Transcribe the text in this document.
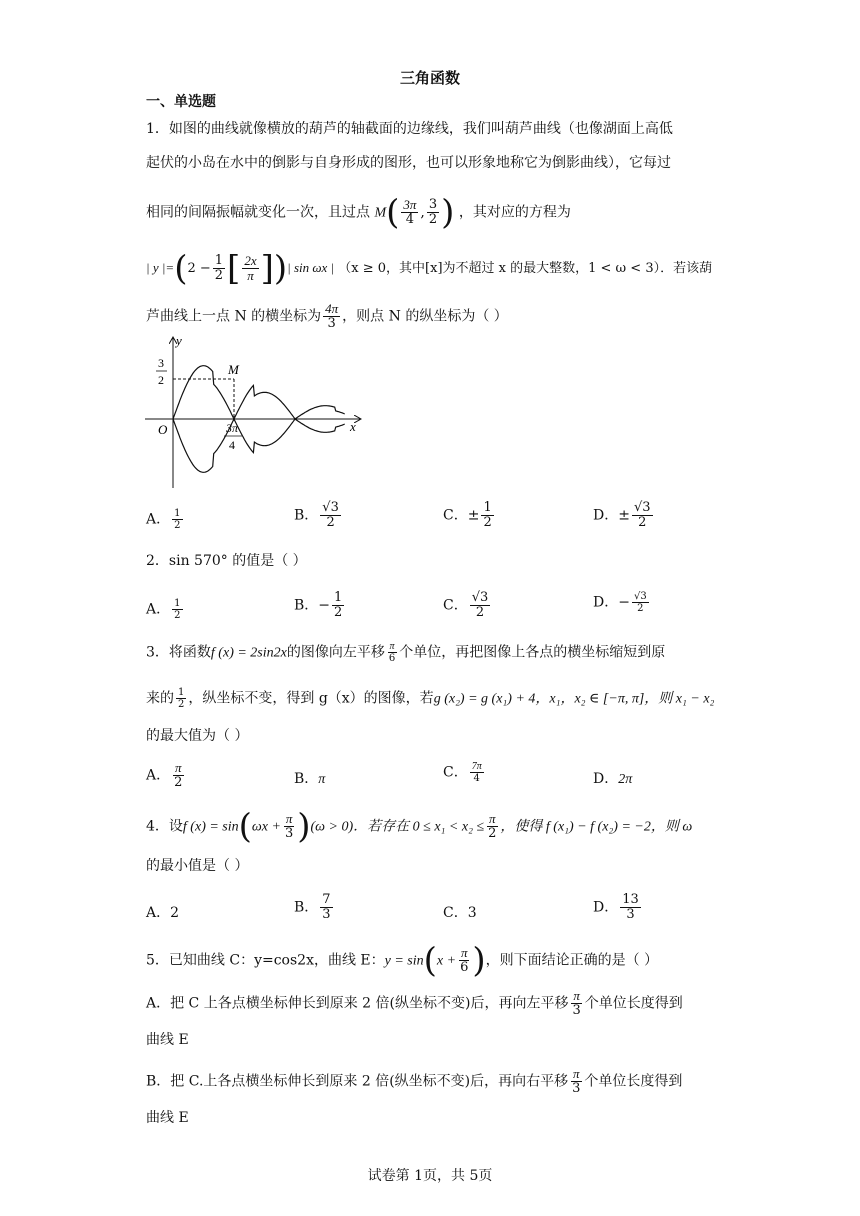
三角函数
一、单选题
1．如图的曲线就像横放的葫芦的轴截面的边缘线，我们叫葫芦曲线（也像湖面上高低
起伏的小岛在水中的倒影与自身形成的图形，也可以形象地称它为倒影曲线），它每过
相同的间隔振幅就变化一次，且过点 $M( \frac{3\pi}{4}$ , $\frac{3}{2}$ ) ，其对应的方程为
| y $|=(2 - \frac{1}{2}$ [ $\frac{2x}{\pi}$ ])| sin ωx | （x ≥ 0，其中[x]为不超过 x 的最大整数，1 < ω < 3）．若该葫
芦曲线上一点 N 的横坐标为 $\frac{4\pi}{3}$ ，则点 N 的纵坐标为（ ）
y
x
O
M
3
2
3π
4
A． $\frac{1}{2}$	B． $\frac{√3}{2}$	C．± $\frac{1}{2}$	D．± $\frac{√3}{2}$
2．sin 570° 的值是（ ）
A． $\frac{1}{2}$	B．− $\frac{1}{2}$	C． $\frac{√3}{2}$	D．− $\frac{√3}{2}$
3．将函数f (x) = 2sin2x的图像向左平移 $\frac{\pi}{6}$ 个单位，再把图像上各点的横坐标缩短到原
来的 $\frac{1}{2}$ ，纵坐标不变，得到 g（x）的图像，若g (x₂) = g (x₁) + 4，x₁，x₂ ∈ [−π, π]，则 x₁ − x₂
的最大值为（ ）
A． $\frac{\pi}{2}$	B．π	C． $\frac{7\pi}{4}$	D．2π
4．设f $(x) = \sin(\omega x + \frac{\pi}{3} )(\omega > 0)$．若存在 $0 \le x_1 < x_2 \le \frac{\pi}{2}$ ，使得 f (x₁) − f (x₂) = −2，则 ω
的最小值是（ ）
A．2	B． $\frac{7}{3}$	C．3	D． $\frac{13}{3}$
5．已知曲线 C：y=cos2x，曲线 E：$y = \sin(x + \frac{\pi}{6}$ )，则下面结论正确的是（ ）
A．把 C 上各点横坐标伸长到原来 2 倍(纵坐标不变)后，再向左平移 $\frac{\pi}{3}$ 个单位长度得到
曲线 E
B．把 C.上各点横坐标伸长到原来 2 倍(纵坐标不变)后，再向右平移 $\frac{\pi}{3}$ 个单位长度得到
曲线 E
试卷第 1页，共 5页
